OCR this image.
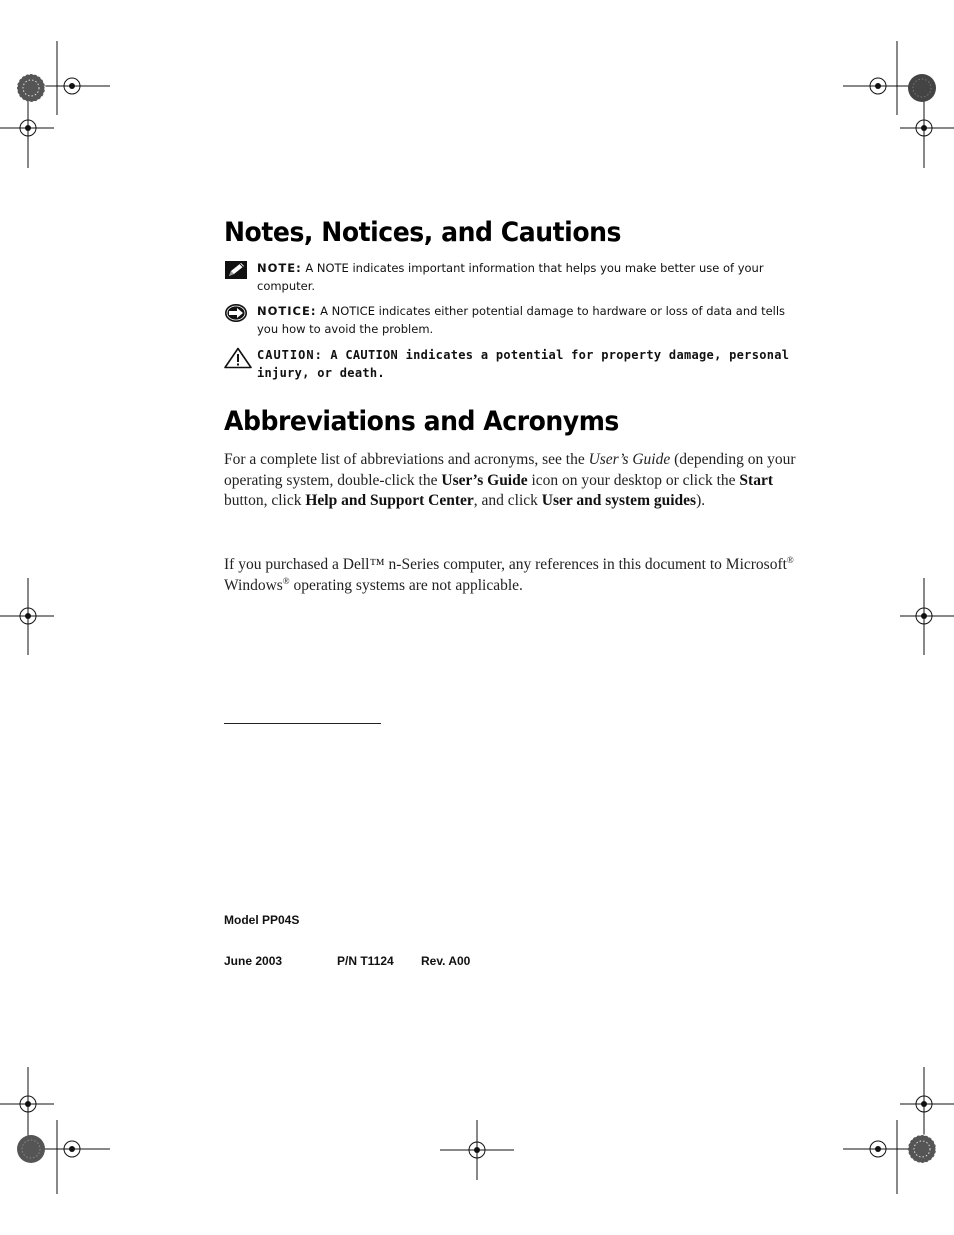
Notes, Notices, and Cautions
NOTE: A NOTE indicates important information that helps you make better use of your computer.
NOTICE: A NOTICE indicates either potential damage to hardware or loss of data and tells you how to avoid the problem.
CAUTION: A CAUTION indicates a potential for property damage, personal injury, or death.
Abbreviations and Acronyms

For a complete list of abbreviations and acronyms, see the User’s Guide (depending on your operating system, double-click the User’s Guide icon on your desktop or click the Start button, click Help and Support Center, and click User and system guides).

If you purchased a Dell™ n-Series computer, any references in this document to Microsoft® Windows® operating systems are not applicable.

Model PP04S
June 2003	P/N T1124 Rev. A00
